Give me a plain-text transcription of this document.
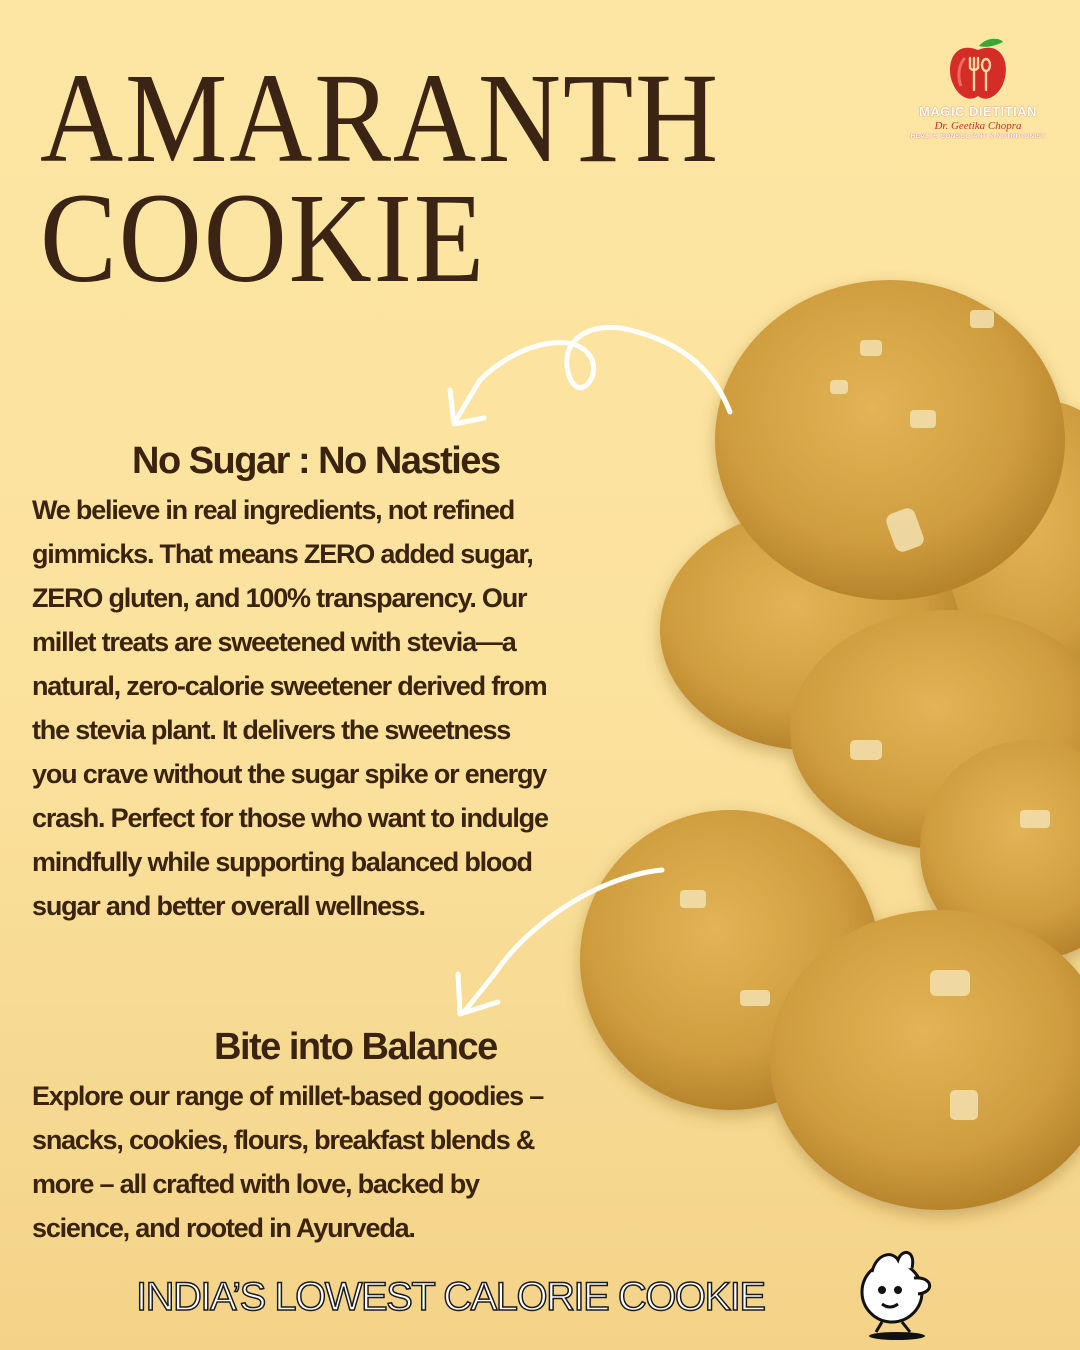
AMARANTH
COOKIE
MAGIC DIETITIAN
Dr. Geetika Chopra
HEALTH CONSULTANT & NUTRITIONIST
No Sugar : No Nasties
We believe in real ingredients, not refined
gimmicks. That means ZERO added sugar,
ZERO gluten, and 100% transparency. Our
millet treats are sweetened with stevia—a
natural, zero-calorie sweetener derived from
the stevia plant. It delivers the sweetness
you crave without the sugar spike or energy
crash. Perfect for those who want to indulge
mindfully while supporting balanced blood
sugar and better overall wellness.
Bite into Balance
Explore our range of millet-based goodies –
snacks, cookies, flours, breakfast blends &
more – all crafted with love, backed by
science, and rooted in Ayurveda.
INDIA’S LOWEST CALORIE COOKIE
